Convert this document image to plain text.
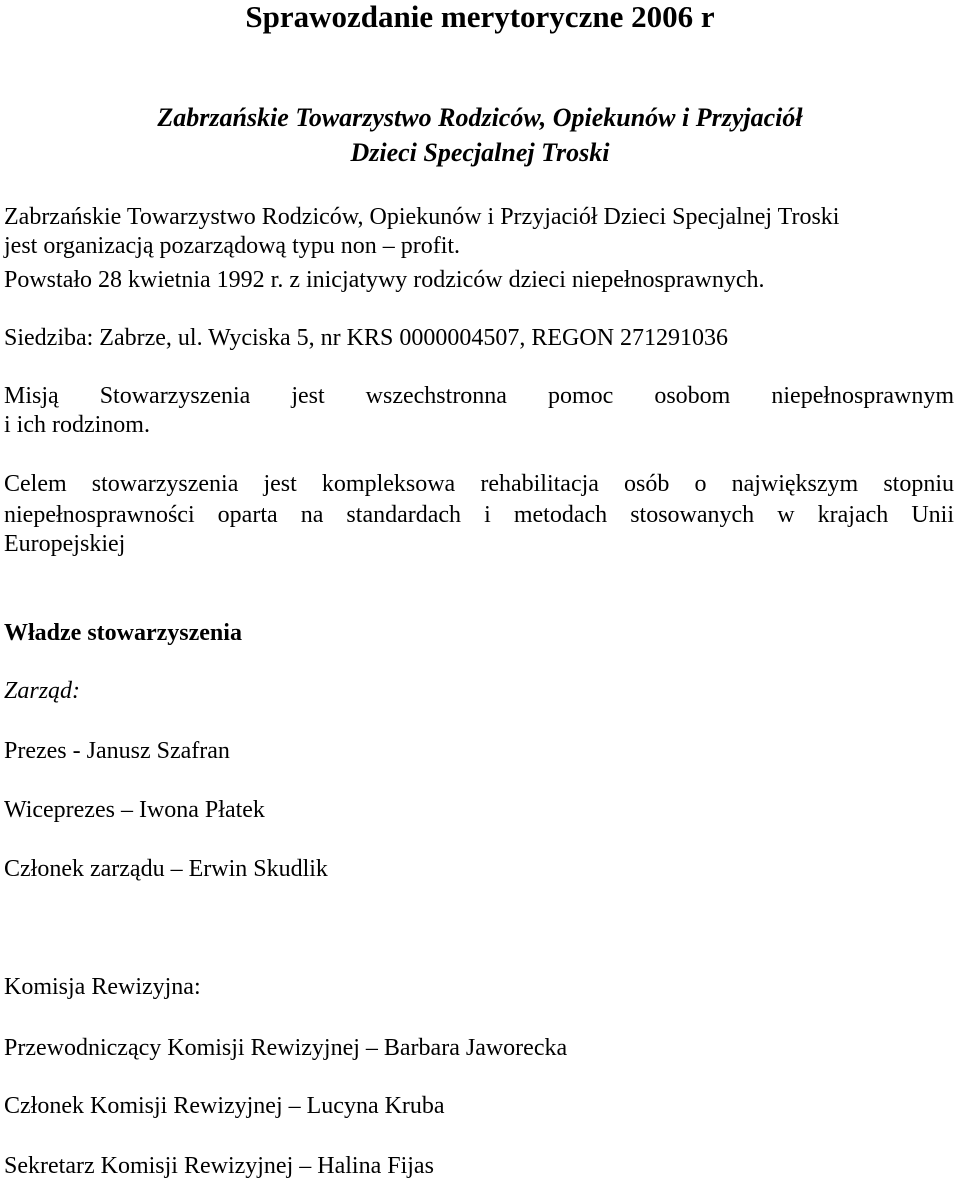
Sprawozdanie merytoryczne 2006 r
Zabrzańskie Towarzystwo Rodziców, Opiekunów i Przyjaciół
Dzieci Specjalnej Troski
Zabrzańskie Towarzystwo Rodziców, Opiekunów i Przyjaciół Dzieci Specjalnej Troski
jest organizacją pozarządową typu non – profit.
Powstało 28 kwietnia 1992 r. z inicjatywy rodziców dzieci niepełnosprawnych.
Siedziba: Zabrze, ul. Wyciska 5, nr KRS 0000004507, REGON 271291036
Misją Stowarzyszenia jest wszechstronna pomoc osobom niepełnosprawnym
i ich rodzinom.
Celem stowarzyszenia jest kompleksowa rehabilitacja osób o największym stopniu
niepełnosprawności oparta na standardach i metodach stosowanych w krajach Unii
Europejskiej
Władze stowarzyszenia
Zarząd:
Prezes - Janusz Szafran
Wiceprezes – Iwona Płatek
Członek zarządu – Erwin Skudlik
Komisja Rewizyjna:
Przewodniczący Komisji Rewizyjnej – Barbara Jaworecka
Członek Komisji Rewizyjnej – Lucyna Kruba
Sekretarz Komisji Rewizyjnej – Halina Fijas
